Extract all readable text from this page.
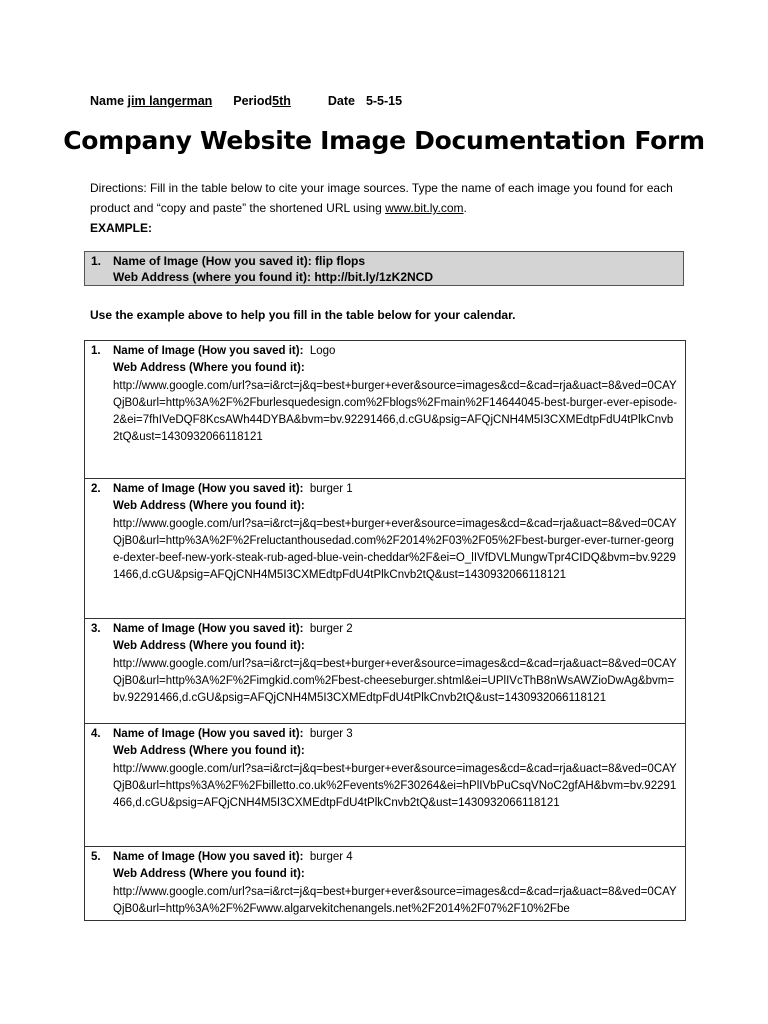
Name jim langerman Period5th	Date 5-5-15
Company Website Image Documentation Form
Directions: Fill in the table below to cite your image sources. Type the name of each image you found for each product and “copy and paste” the shortened URL using www.bit.ly.com.
EXAMPLE:
1. Name of Image (How you saved it): flip flops
Web Address (where you found it): http://bit.ly/1zK2NCD
Use the example above to help you fill in the table below for your calendar.
1. Name of Image (How you saved it): Logo
Web Address (Where you found it):
http://www.google.com/url?sa=i&rct=j&q=best+burger+ever&source=images&cd=&cad=rja&uact=8&ved=0CAYQjB0&url=http%3A%2F%2Fburlesquedesign.com%2Fblogs%2Fmain%2F14644045-best-burger-ever-episode-2&ei=7fhIVeDQF8KcsAWh44DYBA&bvm=bv.92291466,d.cGU&psig=AFQjCNH4M5I3CXMEdtpFdU4tPlkCnvb2tQ&ust=1430932066118121
2. Name of Image (How you saved it): burger 1
Web Address (Where you found it):
http://www.google.com/url?sa=i&rct=j&q=best+burger+ever&source=images&cd=&cad=rja&uact=8&ved=0CAYQjB0&url=http%3A%2F%2Freluctanthousedad.com%2F2014%2F03%2F05%2Fbest-burger-ever-turner-george-dexter-beef-new-york-steak-rub-aged-blue-vein-cheddar%2F&ei=O_lIVfDVLMungwTpr4CIDQ&bvm=bv.92291466,d.cGU&psig=AFQjCNH4M5I3CXMEdtpFdU4tPlkCnvb2tQ&ust=1430932066118121
3. Name of Image (How you saved it): burger 2
Web Address (Where you found it):
http://www.google.com/url?sa=i&rct=j&q=best+burger+ever&source=images&cd=&cad=rja&uact=8&ved=0CAYQjB0&url=http%3A%2F%2Fimgkid.com%2Fbest-cheeseburger.shtml&ei=UPlIVcThB8nWsAWZioDwAg&bvm=bv.92291466,d.cGU&psig=AFQjCNH4M5I3CXMEdtpFdU4tPlkCnvb2tQ&ust=1430932066118121
4. Name of Image (How you saved it): burger 3
Web Address (Where you found it):
http://www.google.com/url?sa=i&rct=j&q=best+burger+ever&source=images&cd=&cad=rja&uact=8&ved=0CAYQjB0&url=https%3A%2F%2Fbilletto.co.uk%2Fevents%2F30264&ei=hPlIVbPuCsqVNoC2gfAH&bvm=bv.92291466,d.cGU&psig=AFQjCNH4M5I3CXMEdtpFdU4tPlkCnvb2tQ&ust=1430932066118121
5. Name of Image (How you saved it): burger 4
Web Address (Where you found it):
http://www.google.com/url?sa=i&rct=j&q=best+burger+ever&source=images&cd=&cad=rja&uact=8&ved=0CAYQjB0&url=http%3A%2F%2Fwww.algarvekitchenangels.net%2F2014%2F07%2F10%2Fbe
